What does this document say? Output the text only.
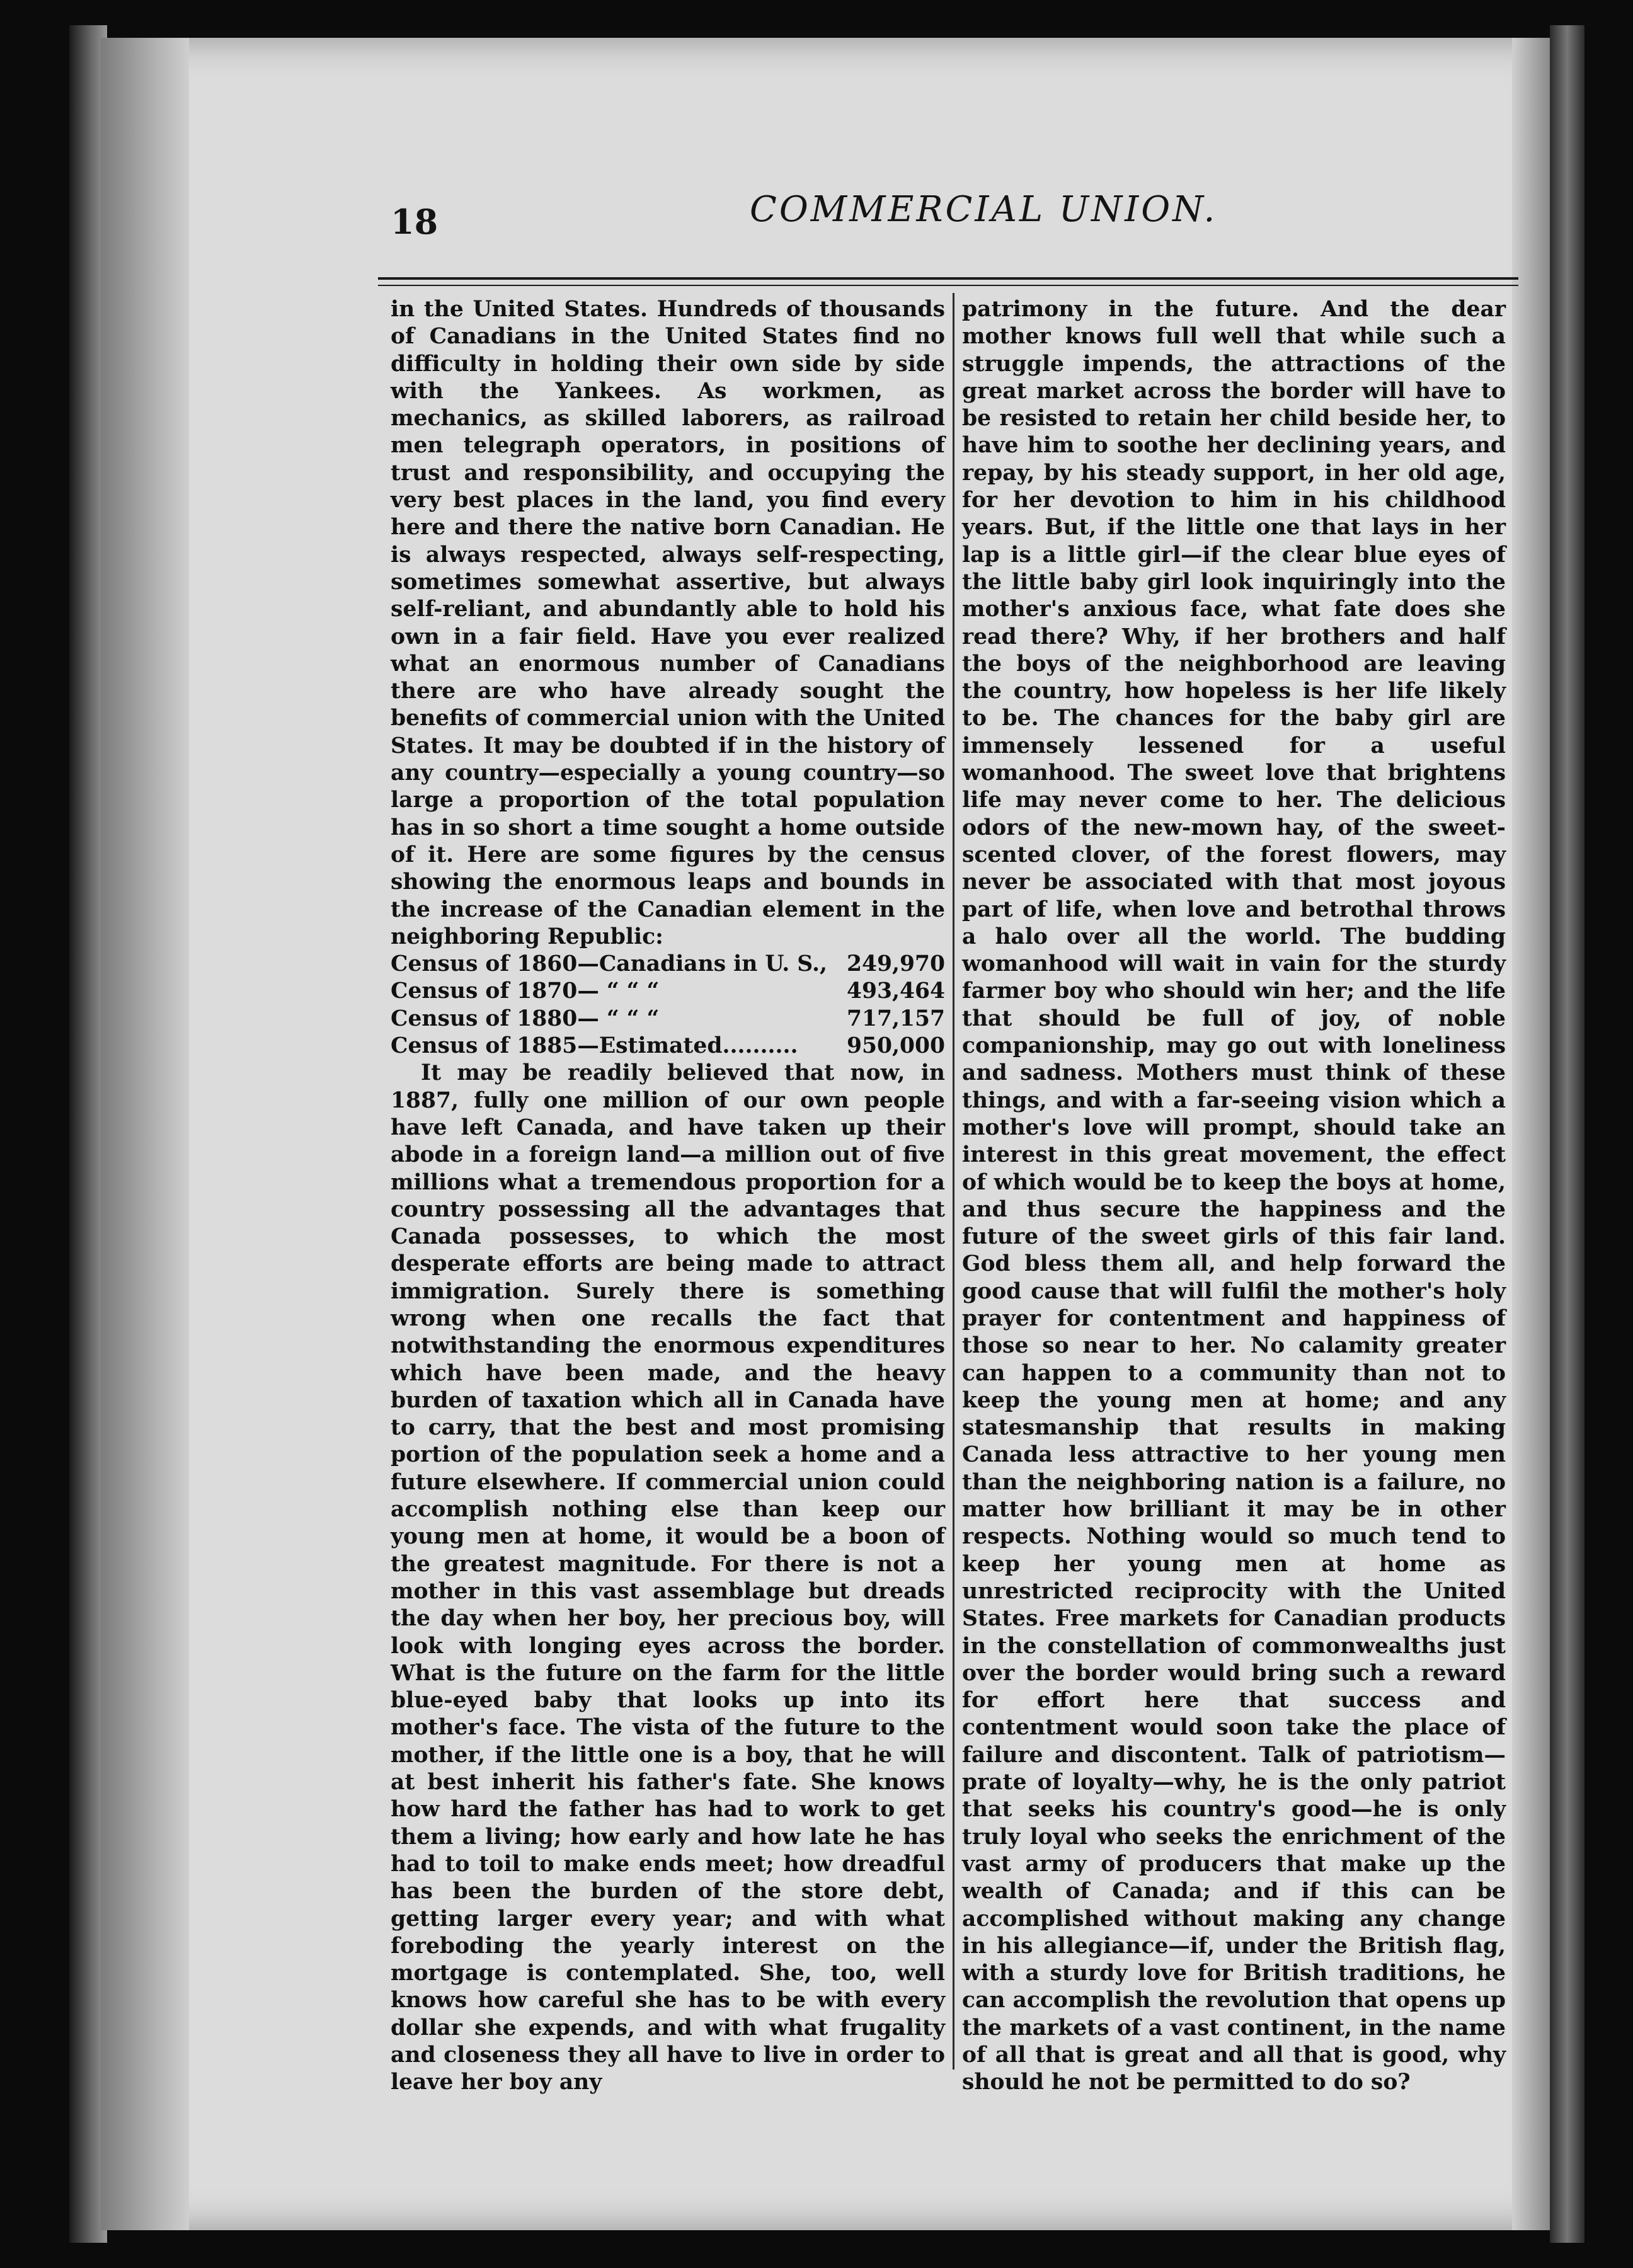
18	COMMERCIAL UNION.

in the United States. Hundreds of thousands of Canadians in the United States find no difficulty in holding their own side by side with the Yankees. As workmen, as mechanics, as skilled laborers, as railroad men telegraph operators, in positions of trust and responsibility, and occupying the very best places in the land, you find every here and there the native born Canadian. He is always respected, always self-respecting, sometimes somewhat assertive, but always self-reliant, and abundantly able to hold his own in a fair field. Have you ever realized what an enormous number of Canadians there are who have already sought the benefits of commercial union with the United States. It may be doubted if in the history of any country—especially a young country—so large a proportion of the total population has in so short a time sought a home outside of it. Here are some figures by the census showing the enormous leaps and bounds in the increase of the Canadian element in the neighboring Republic:

Census of 1860—Canadians in U. S., 249,970
Census of 1870— “ “ “	493,464
Census of 1880— “ “ “	717,157
Census of 1885—Estimated.......... 950,000

It may be readily believed that now, in 1887, fully one million of our own people have left Canada, and have taken up their abode in a foreign land—a million out of five millions what a tremendous proportion for a country possessing all the advantages that Canada possesses, to which the most desperate efforts are being made to attract immigration. Surely there is something wrong when one recalls the fact that notwithstanding the enormous expenditures which have been made, and the heavy burden of taxation which all in Canada have to carry, that the best and most promising portion of the population seek a home and a future elsewhere. If commercial union could accomplish nothing else than keep our young men at home, it would be a boon of the greatest magnitude. For there is not a mother in this vast assemblage but dreads the day when her boy, her precious boy, will look with longing eyes across the border. What is the future on the farm for the little blue-eyed baby that looks up into its mother's face. The vista of the future to the mother, if the little one is a boy, that he will at best inherit his father's fate. She knows how hard the father has had to work to get them a living; how early and how late he has had to toil to make ends meet; how dreadful has been the burden of the store debt, getting larger every year; and with what foreboding the yearly interest on the mortgage is contemplated. She, too, well knows how careful she has to be with every dollar she expends, and with what frugality and closeness they all have to live in order to leave her boy any

patrimony in the future. And the dear mother knows full well that while such a struggle impends, the attractions of the great market across the border will have to be resisted to retain her child beside her, to have him to soothe her declining years, and repay, by his steady support, in her old age, for her devotion to him in his childhood years. But, if the little one that lays in her lap is a little girl—if the clear blue eyes of the little baby girl look inquiringly into the mother's anxious face, what fate does she read there? Why, if her brothers and half the boys of the neighborhood are leaving the country, how hopeless is her life likely to be. The chances for the baby girl are immensely lessened for a useful womanhood. The sweet love that brightens life may never come to her. The delicious odors of the new-mown hay, of the sweet-scented clover, of the forest flowers, may never be associated with that most joyous part of life, when love and betrothal throws a halo over all the world. The budding womanhood will wait in vain for the sturdy farmer boy who should win her; and the life that should be full of joy, of noble companionship, may go out with loneliness and sadness. Mothers must think of these things, and with a far-seeing vision which a mother's love will prompt, should take an interest in this great movement, the effect of which would be to keep the boys at home, and thus secure the happiness and the future of the sweet girls of this fair land. God bless them all, and help forward the good cause that will fulfil the mother's holy prayer for contentment and happiness of those so near to her. No calamity greater can happen to a community than not to keep the young men at home; and any statesmanship that results in making Canada less attractive to her young men than the neighboring nation is a failure, no matter how brilliant it may be in other respects. Nothing would so much tend to keep her young men at home as unrestricted reciprocity with the United States. Free markets for Canadian products in the constellation of commonwealths just over the border would bring such a reward for effort here that success and contentment would soon take the place of failure and discontent. Talk of patriotism—prate of loyalty—why, he is the only patriot that seeks his country's good—he is only truly loyal who seeks the enrichment of the vast army of producers that make up the wealth of Canada; and if this can be accomplished without making any change in his allegiance—if, under the British flag, with a sturdy love for British traditions, he can accomplish the revolution that opens up the markets of a vast continent, in the name of all that is great and all that is good, why should he not be permitted to do so?
